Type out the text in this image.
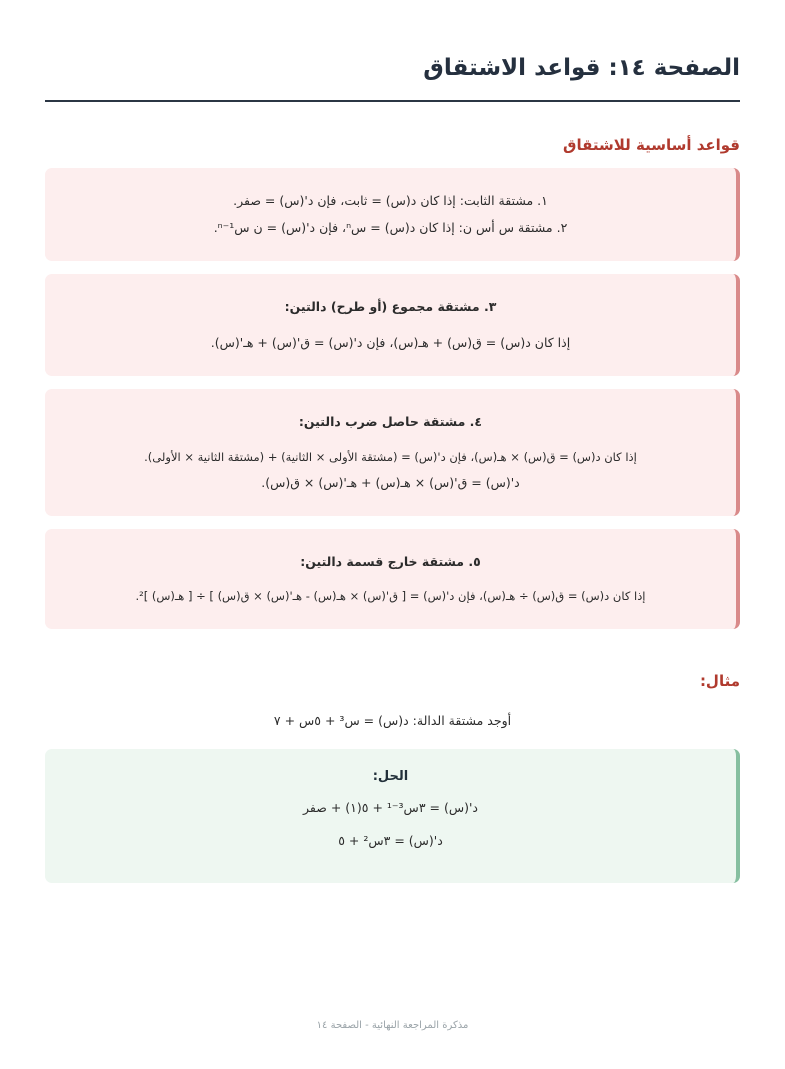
الصفحة ١٤: قواعد الاشتقاق
قواعد أساسية للاشتقاق

١. مشتقة الثابت: إذا كان د(س) = ثابت، فإن د'(س) = صفر.

٢. مشتقة س أس ن: إذا كان د(س) = سⁿ، فإن د'(س) = ن سⁿ⁻¹.

٣. مشتقة مجموع (أو طرح) دالتين:

إذا كان د(س) = ق(س) + هـ(س)، فإن د'(س) = ق'(س) + هـ'(س).

٤. مشتقة حاصل ضرب دالتين:

إذا كان د(س) = ق(س) × هـ(س)، فإن د'(س) = (مشتقة الأولى × الثانية) + (مشتقة الثانية × الأولى).

د'(س) = ق'(س) × هـ(س) + هـ'(س) × ق(س).

٥. مشتقة خارج قسمة دالتين:

إذا كان د(س) = ق(س) ÷ هـ(س)، فإن د'(س) = [ ق'(س) × هـ(س) - هـ'(س) × ق(س) ] ÷ [ هـ(س) ]².

مثال:

أوجد مشتقة الدالة: د(س) = س³ + ٥س + ٧

الحل:

د'(س) = ٣س³⁻¹ + ٥(١) + صفر

د'(س) = ٣س² + ٥

مذكرة المراجعة النهائية - الصفحة ١٤
